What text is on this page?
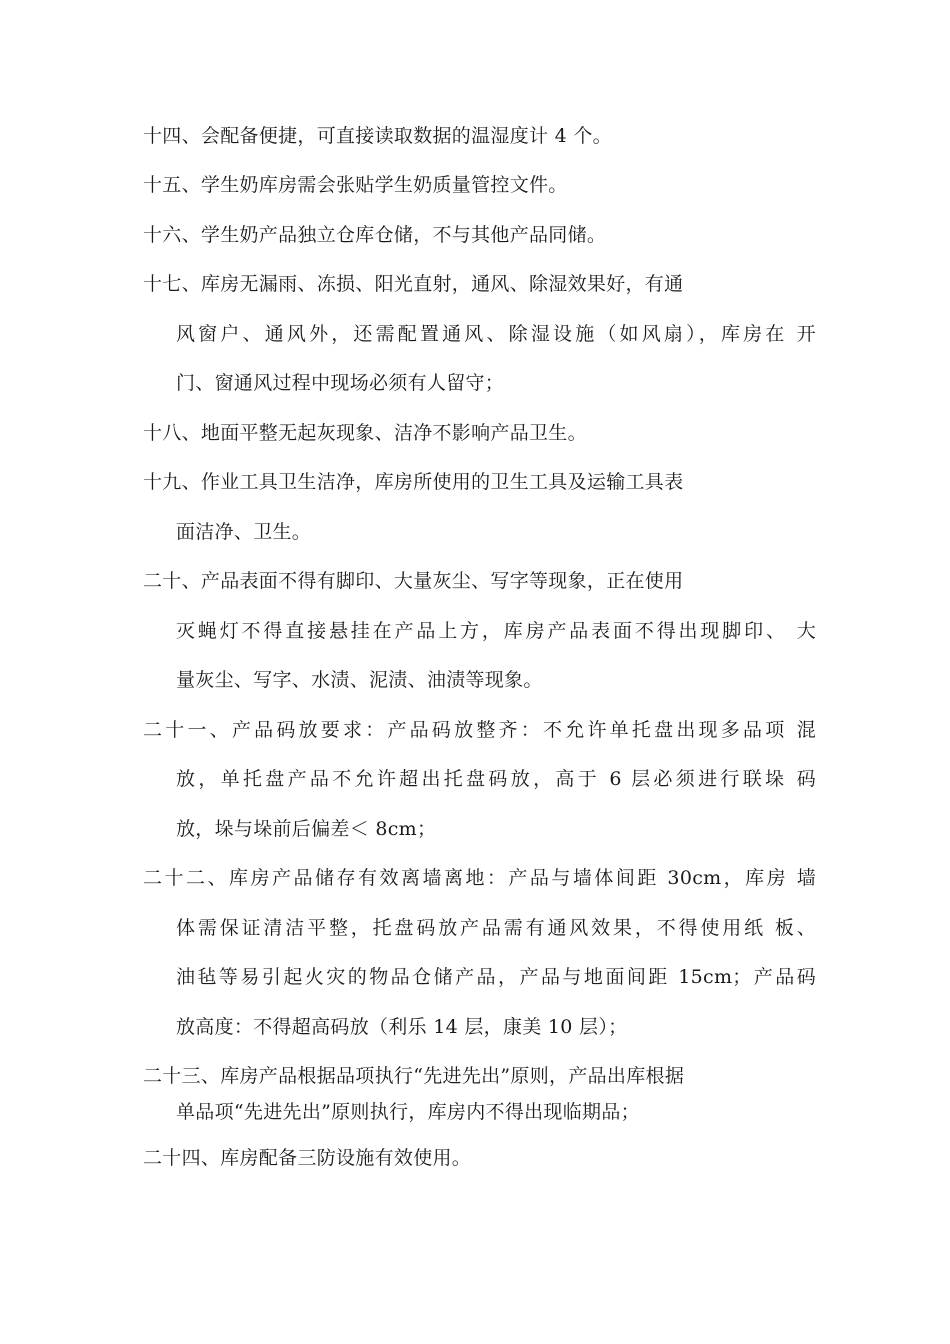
十四、会配备便捷，可直接读取数据的温湿度计 4 个。
十五、学生奶库房需会张贴学生奶质量管控文件。
十六、学生奶产品独立仓库仓储，不与其他产品同储。
十七、库房无漏雨、冻损、阳光直射，通风、除湿效果好，有通
风窗户、通风外，还需配置通风、除湿设施（如风扇），库房在 开
门、窗通风过程中现场必须有人留守；
十八、地面平整无起灰现象、洁净不影响产品卫生。
十九、作业工具卫生洁净，库房所使用的卫生工具及运输工具表
面洁净、卫生。
二十、产品表面不得有脚印、大量灰尘、写字等现象，正在使用
灭蝇灯不得直接悬挂在产品上方，库房产品表面不得出现脚印、 大
量灰尘、写字、水渍、泥渍、油渍等现象。
二十一、产品码放要求：产品码放整齐：不允许单托盘出现多品项 混
放，单托盘产品不允许超出托盘码放，高于 6 层必须进行联垛 码
放，垛与垛前后偏差＜ 8cm；
二十二、库房产品储存有效离墙离地：产品与墙体间距 30cm，库房 墙
体需保证清洁平整，托盘码放产品需有通风效果，不得使用纸 板、
油毡等易引起火灾的物品仓储产品，产品与地面间距 15cm；产品码
放高度：不得超高码放（利乐 14 层，康美 10 层）；
二十三、库房产品根据品项执行“先进先出”原则，产品出库根据
单品项“先进先出”原则执行，库房内不得出现临期品；
二十四、库房配备三防设施有效使用。
